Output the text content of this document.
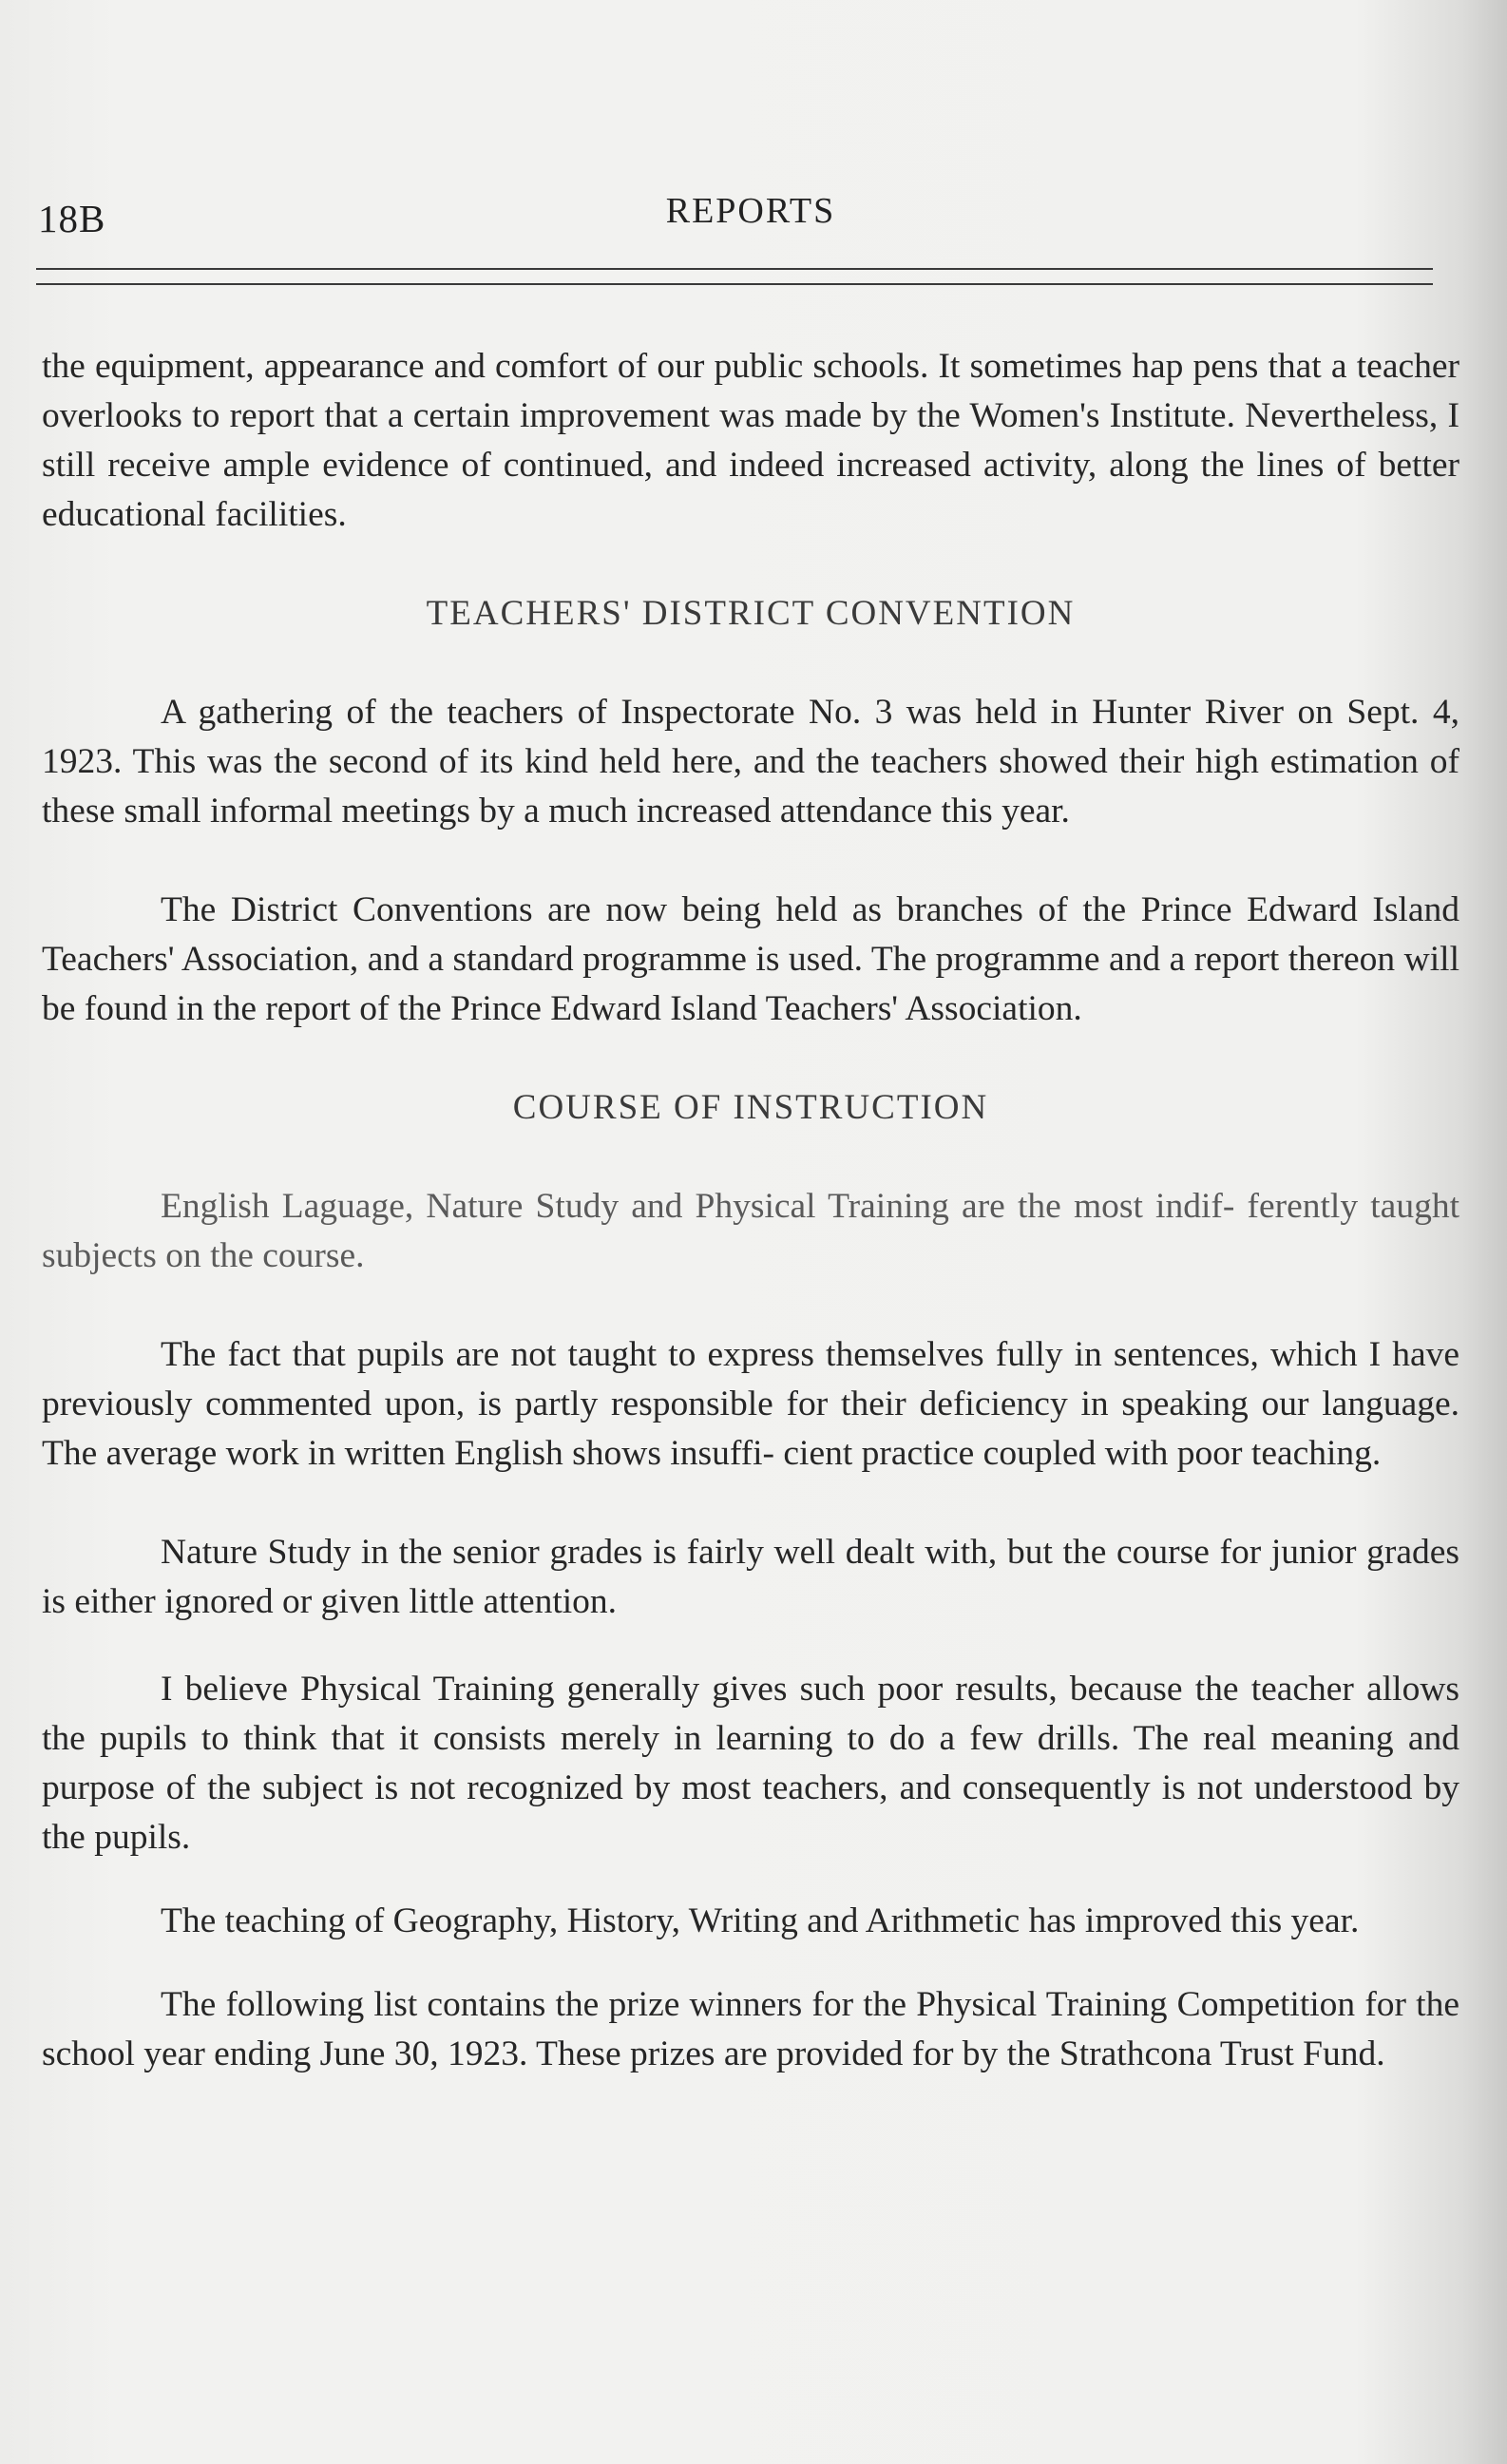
18B	REPORTS

the equipment, appearance and comfort of our public schools. It sometimes hap pens that a teacher overlooks to report that a certain improvement was made by the Women's Institute. Nevertheless, I still receive ample evidence of continued, and indeed increased activity, along the lines of better educational facilities.

TEACHERS' DISTRICT CONVENTION

A gathering of the teachers of Inspectorate No. 3 was held in Hunter River on Sept. 4, 1923. This was the second of its kind held here, and the teachers showed their high estimation of these small informal meetings by a much increased attendance this year.

The District Conventions are now being held as branches of the Prince Edward Island Teachers' Association, and a standard programme is used. The programme and a report thereon will be found in the report of the Prince Edward Island Teachers' Association.

COURSE OF INSTRUCTION

English Laguage, Nature Study and Physical Training are the most indif- ferently taught subjects on the course.

The fact that pupils are not taught to express themselves fully in sentences, which I have previously commented upon, is partly responsible for their deficiency in speaking our language. The average work in written English shows insuffi- cient practice coupled with poor teaching.

Nature Study in the senior grades is fairly well dealt with, but the course for junior grades is either ignored or given little attention.

I believe Physical Training generally gives such poor results, because the teacher allows the pupils to think that it consists merely in learning to do a few drills. The real meaning and purpose of the subject is not recognized by most teachers, and consequently is not understood by the pupils.

The teaching of Geography, History, Writing and Arithmetic has improved this year.

The following list contains the prize winners for the Physical Training Competition for the school year ending June 30, 1923. These prizes are provided for by the Strathcona Trust Fund.
